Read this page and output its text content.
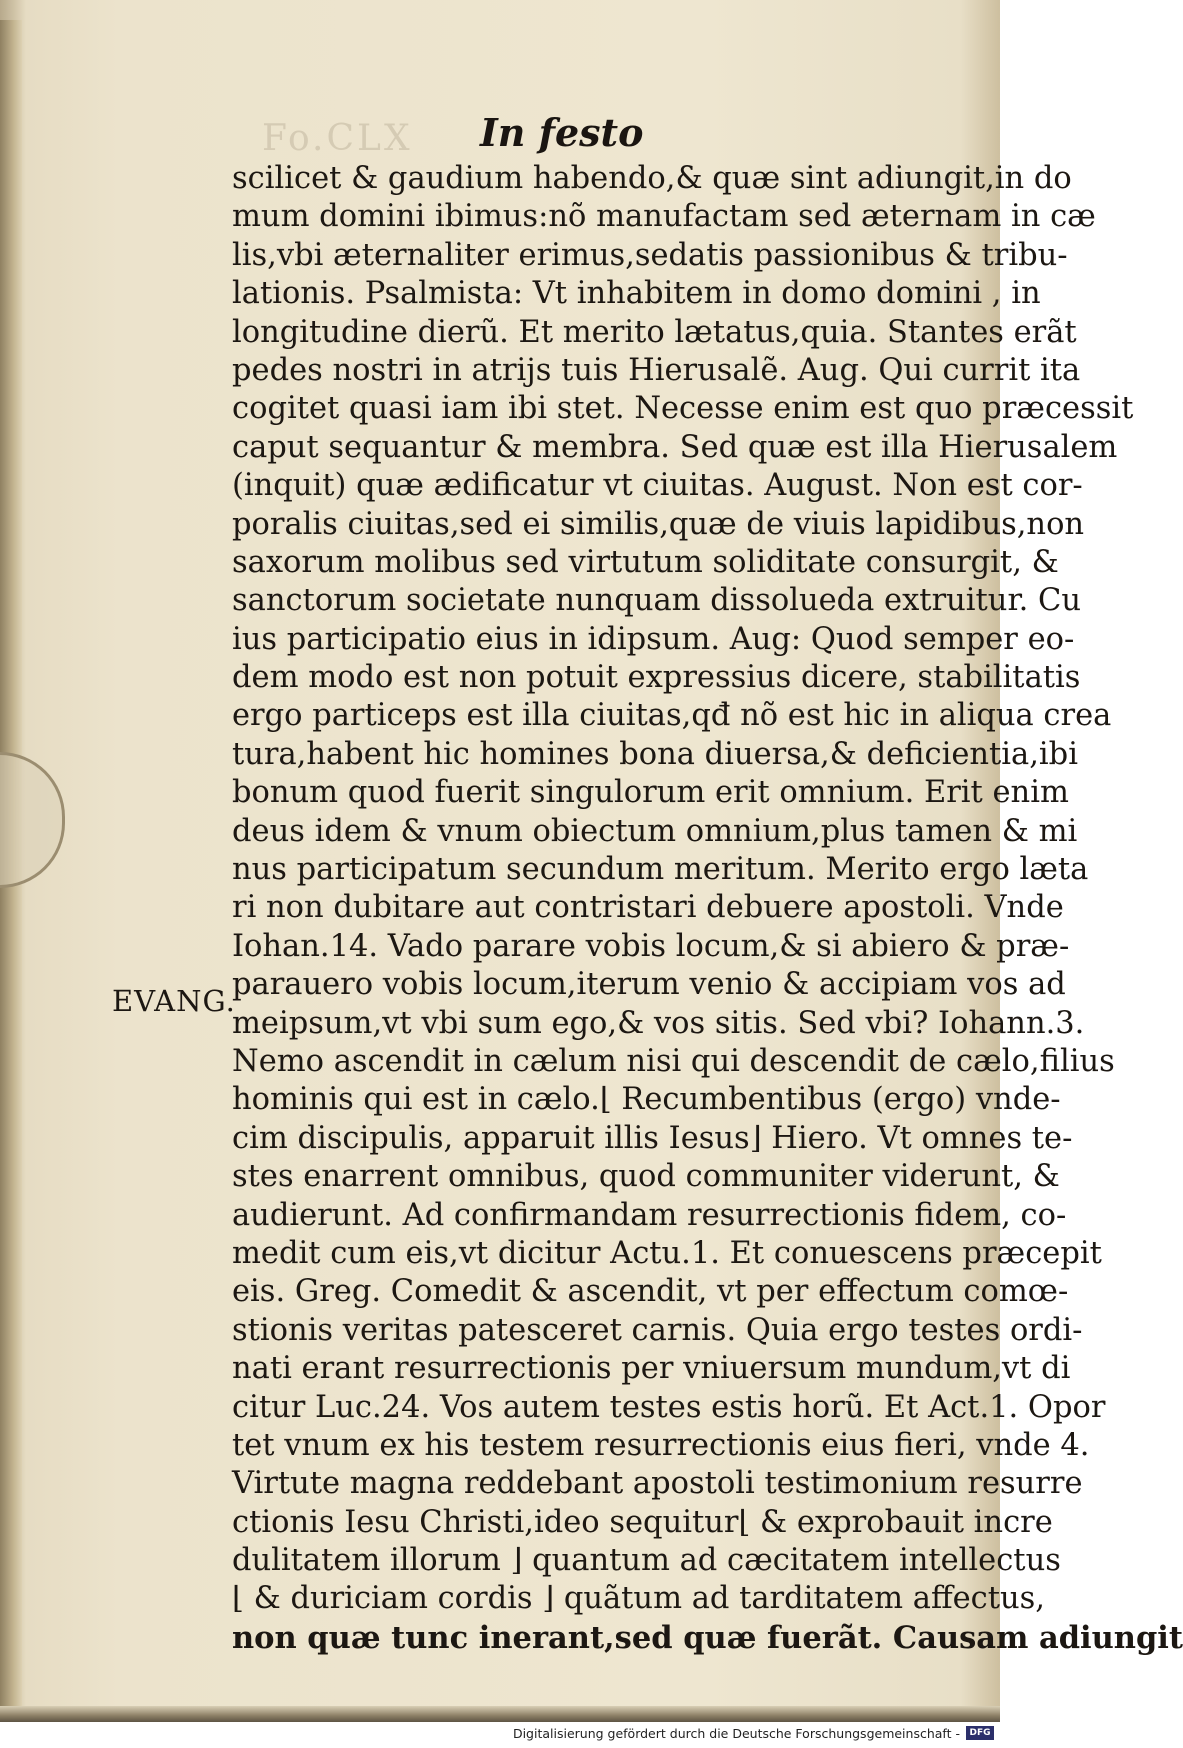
Fo.CLX In festo
EVANG.
scilicet & gaudium habendo,& quæ sint adiungit,in do
mum domini ibimus:nõ manufactam sed æternam in cæ
lis,vbi æternaliter erimus,sedatis passionibus & tribu-
lationis. Psalmista: Vt inhabitem in domo domini , in
longitudine dierũ. Et merito lætatus,quia. Stantes erãt
pedes nostri in atrijs tuis Hierusalẽ. Aug. Qui currit ita
cogitet quasi iam ibi stet. Necesse enim est quo præcessit
caput sequantur & membra. Sed quæ est illa Hierusalem
(inquit) quæ ædificatur vt ciuitas. August. Non est cor-
poralis ciuitas,sed ei similis,quæ de viuis lapidibus,non
saxorum molibus sed virtutum soliditate consurgit, &
sanctorum societate nunquam dissolueda extruitur. Cu
ius participatio eius in idipsum. Aug: Quod semper eo-
dem modo est non potuit expressius dicere, stabilitatis
ergo particeps est illa ciuitas,qđ nõ est hic in aliqua crea
tura,habent hic homines bona diuersa,& deficientia,ibi
bonum quod fuerit singulorum erit omnium. Erit enim
deus idem & vnum obiectum omnium,plus tamen & mi
nus participatum secundum meritum. Merito ergo læta
ri non dubitare aut contristari debuere apostoli. Vnde
Iohan.14. Vado parare vobis locum,& si abiero & præ-
parauero vobis locum,iterum venio & accipiam vos ad
meipsum,vt vbi sum ego,& vos sitis. Sed vbi? Iohann.3.
Nemo ascendit in cælum nisi qui descendit de cælo,filius
hominis qui est in cælo.⌊ Recumbentibus (ergo) vnde-
cim discipulis, apparuit illis Iesus⌋ Hiero. Vt omnes te-
stes enarrent omnibus, quod communiter viderunt, &
audierunt. Ad confirmandam resurrectionis fidem, co-
medit cum eis,vt dicitur Actu.1. Et conuescens præcepit
eis. Greg. Comedit & ascendit, vt per effectum comœ-
stionis veritas patesceret carnis. Quia ergo testes ordi-
nati erant resurrectionis per vniuersum mundum,vt di
citur Luc.24. Vos autem testes estis horũ. Et Act.1. Opor
tet vnum ex his testem resurrectionis eius fieri, vnde 4.
Virtute magna reddebant apostoli testimonium resurre
ctionis Iesu Christi,ideo sequitur⌊ & exprobauit incre
dulitatem illorum ⌋ quantum ad cæcitatem intellectus
⌊ & duriciam cordis ⌋ quãtum ad tarditatem affectus,
non quæ tunc inerant,sed quæ fuerãt. Causam adiungit
Digitalisierung gefördert durch die Deutsche Forschungsgemeinschaft -	DFG
